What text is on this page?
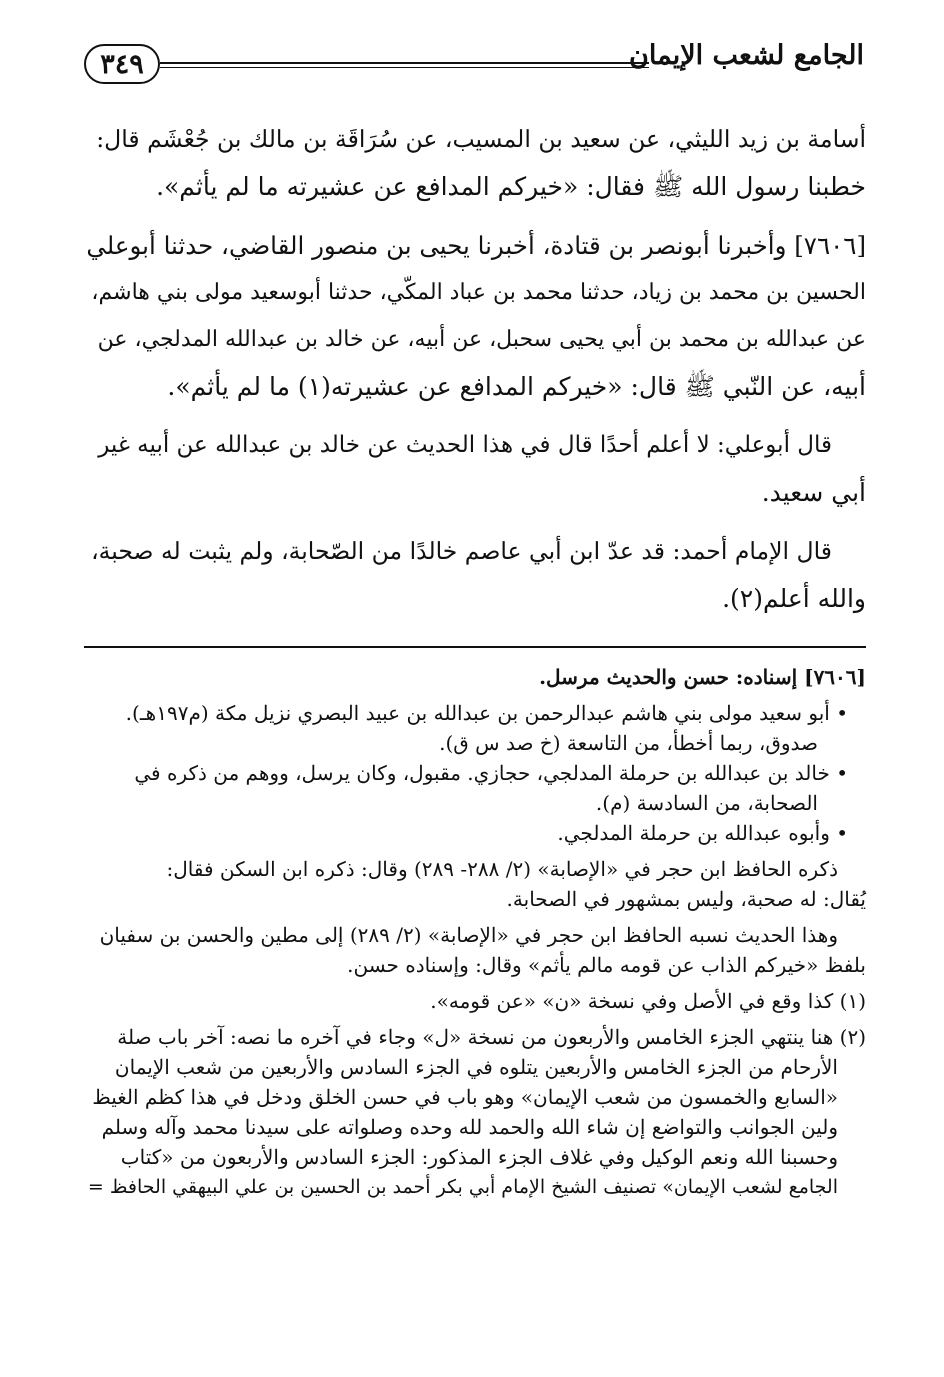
٣٤٩	الجامع لشعب الإيمان

أسامة بن زيد الليثي، عن سعيد بن المسيب، عن سُرَاقَة بن مالك بن جُعْشَم قال:
خطبنا رسول الله ﷺ فقال: «خيركم المدافع عن عشيرته ما لم يأثم».

[٧٦٠٦] وأخبرنا أبونصر بن قتادة، أخبرنا يحيى بن منصور القاضي، حدثنا أبوعلي
الحسين بن محمد بن زياد، حدثنا محمد بن عباد المكّي، حدثنا أبوسعيد مولى بني هاشم،
عن عبدالله بن محمد بن أبي يحيى سحبل، عن أبيه، عن خالد بن عبدالله المدلجي، عن
أبيه، عن النّبي ﷺ قال: «خيركم المدافع عن عشيرته(١) ما لم يأثم».

قال أبوعلي: لا أعلم أحدًا قال في هذا الحديث عن خالد بن عبدالله عن أبيه غير
أبي سعيد.

قال الإمام أحمد: قد عدّ ابن أبي عاصم خالدًا من الصّحابة، ولم يثبت له صحبة،
والله أعلم(٢).

[٧٦٠٦] إسناده: حسن والحديث مرسل.
• أبو سعيد مولى بني هاشم عبدالرحمن بن عبدالله بن عبيد البصري نزيل مكة (م١٩٧هـ).
صدوق، ربما أخطأ، من التاسعة (خ صد س ق).
• خالد بن عبدالله بن حرملة المدلجي، حجازي. مقبول، وكان يرسل، ووهم من ذكره في
الصحابة، من السادسة (م).
• وأبوه عبدالله بن حرملة المدلجي.
ذكره الحافظ ابن حجر في «الإصابة» (٢/ ٢٨٨- ٢٨٩) وقال: ذكره ابن السكن فقال:
يُقال: له صحبة، وليس بمشهور في الصحابة.
وهذا الحديث نسبه الحافظ ابن حجر في «الإصابة» (٢/ ٢٨٩) إلى مطين والحسن بن سفيان
بلفظ «خيركم الذاب عن قومه مالم يأثم» وقال: وإسناده حسن.
(١) كذا وقع في الأصل وفي نسخة «ن» «عن قومه».
(٢) هنا ينتهي الجزء الخامس والأربعون من نسخة «ل» وجاء في آخره ما نصه: آخر باب صلة
الأرحام من الجزء الخامس والأربعين يتلوه في الجزء السادس والأربعين من شعب الإيمان
«السابع والخمسون من شعب الإيمان» وهو باب في حسن الخلق ودخل في هذا كظم الغيظ
ولين الجوانب والتواضع إن شاء الله والحمد لله وحده وصلواته على سيدنا محمد وآله وسلم
وحسبنا الله ونعم الوكيل وفي غلاف الجزء المذكور: الجزء السادس والأربعون من «كتاب
الجامع لشعب الإيمان» تصنيف الشيخ الإمام أبي بكر أحمد بن الحسين بن علي البيهقي الحافظ =
